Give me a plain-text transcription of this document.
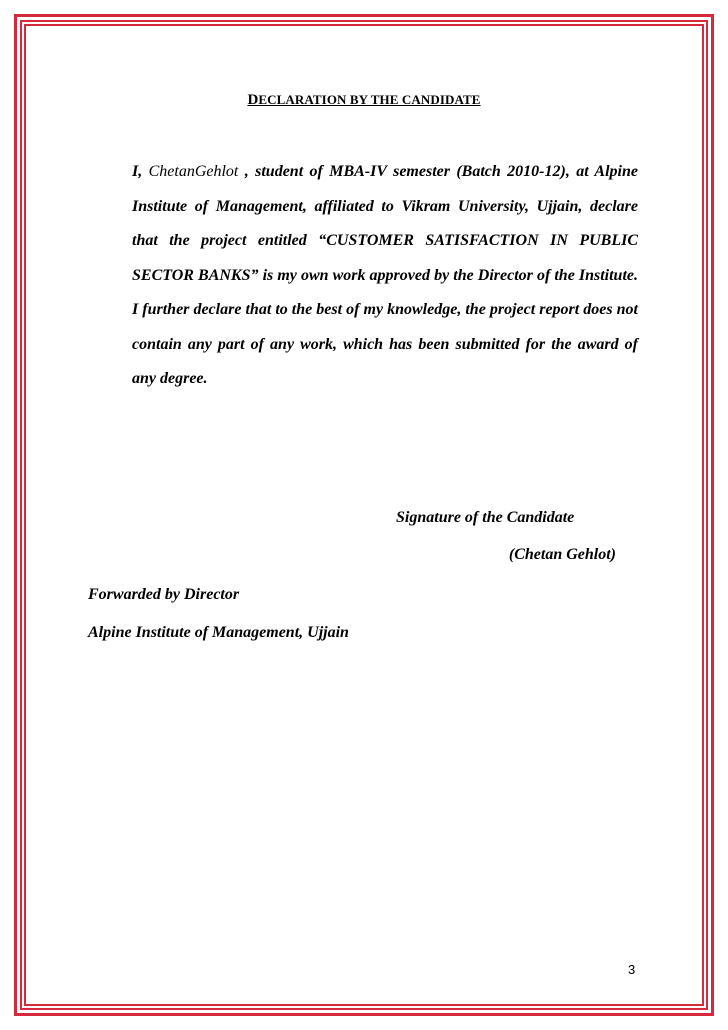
DECLARATION BY THE CANDIDATE
I, ChetanGehlot , student of MBA-IV semester (Batch 2010-12), at Alpine Institute of Management, affiliated to Vikram University, Ujjain, declare that the project entitled “CUSTOMER SATISFACTION IN PUBLIC SECTOR BANKS” is my own work approved by the Director of the Institute. I further declare that to the best of my knowledge, the project report does not contain any part of any work, which has been submitted for the award of any degree.
Signature of the Candidate
(Chetan Gehlot)
Forwarded by Director
Alpine Institute of Management, Ujjain
3
